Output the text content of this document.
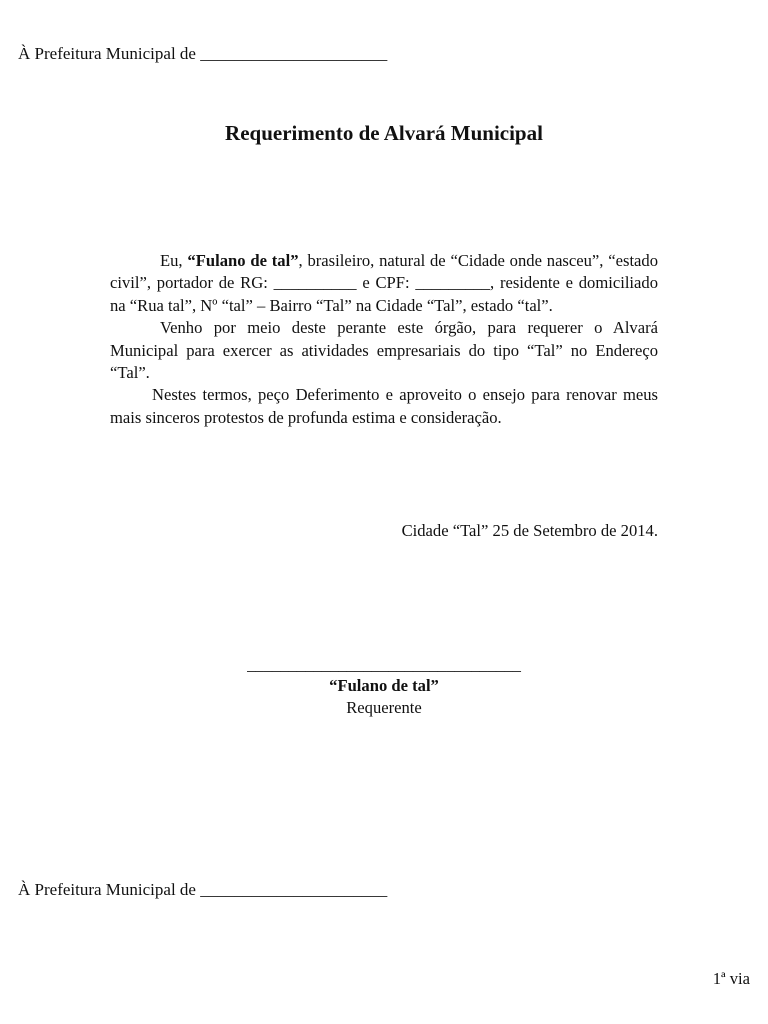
À Prefeitura Municipal de ______________________
Requerimento de Alvará Municipal

Eu, “Fulano de tal”, brasileiro, natural de “Cidade onde nasceu”, “estado civil”, portador de RG: __________ e CPF: _________, residente e domiciliado na “Rua tal”, Nº “tal” – Bairro “Tal” na Cidade “Tal”, estado “tal”.

Venho por meio deste perante este órgão, para requerer o Alvará Municipal para exercer as atividades empresariais do tipo “Tal” no Endereço “Tal”.

Nestes termos, peço Deferimento e aproveito o ensejo para renovar meus mais sinceros protestos de profunda estima e consideração.

Cidade “Tal” 25 de Setembro de 2014.
_________________________________
“Fulano de tal”
Requerente
À Prefeitura Municipal de ______________________
1ª via
